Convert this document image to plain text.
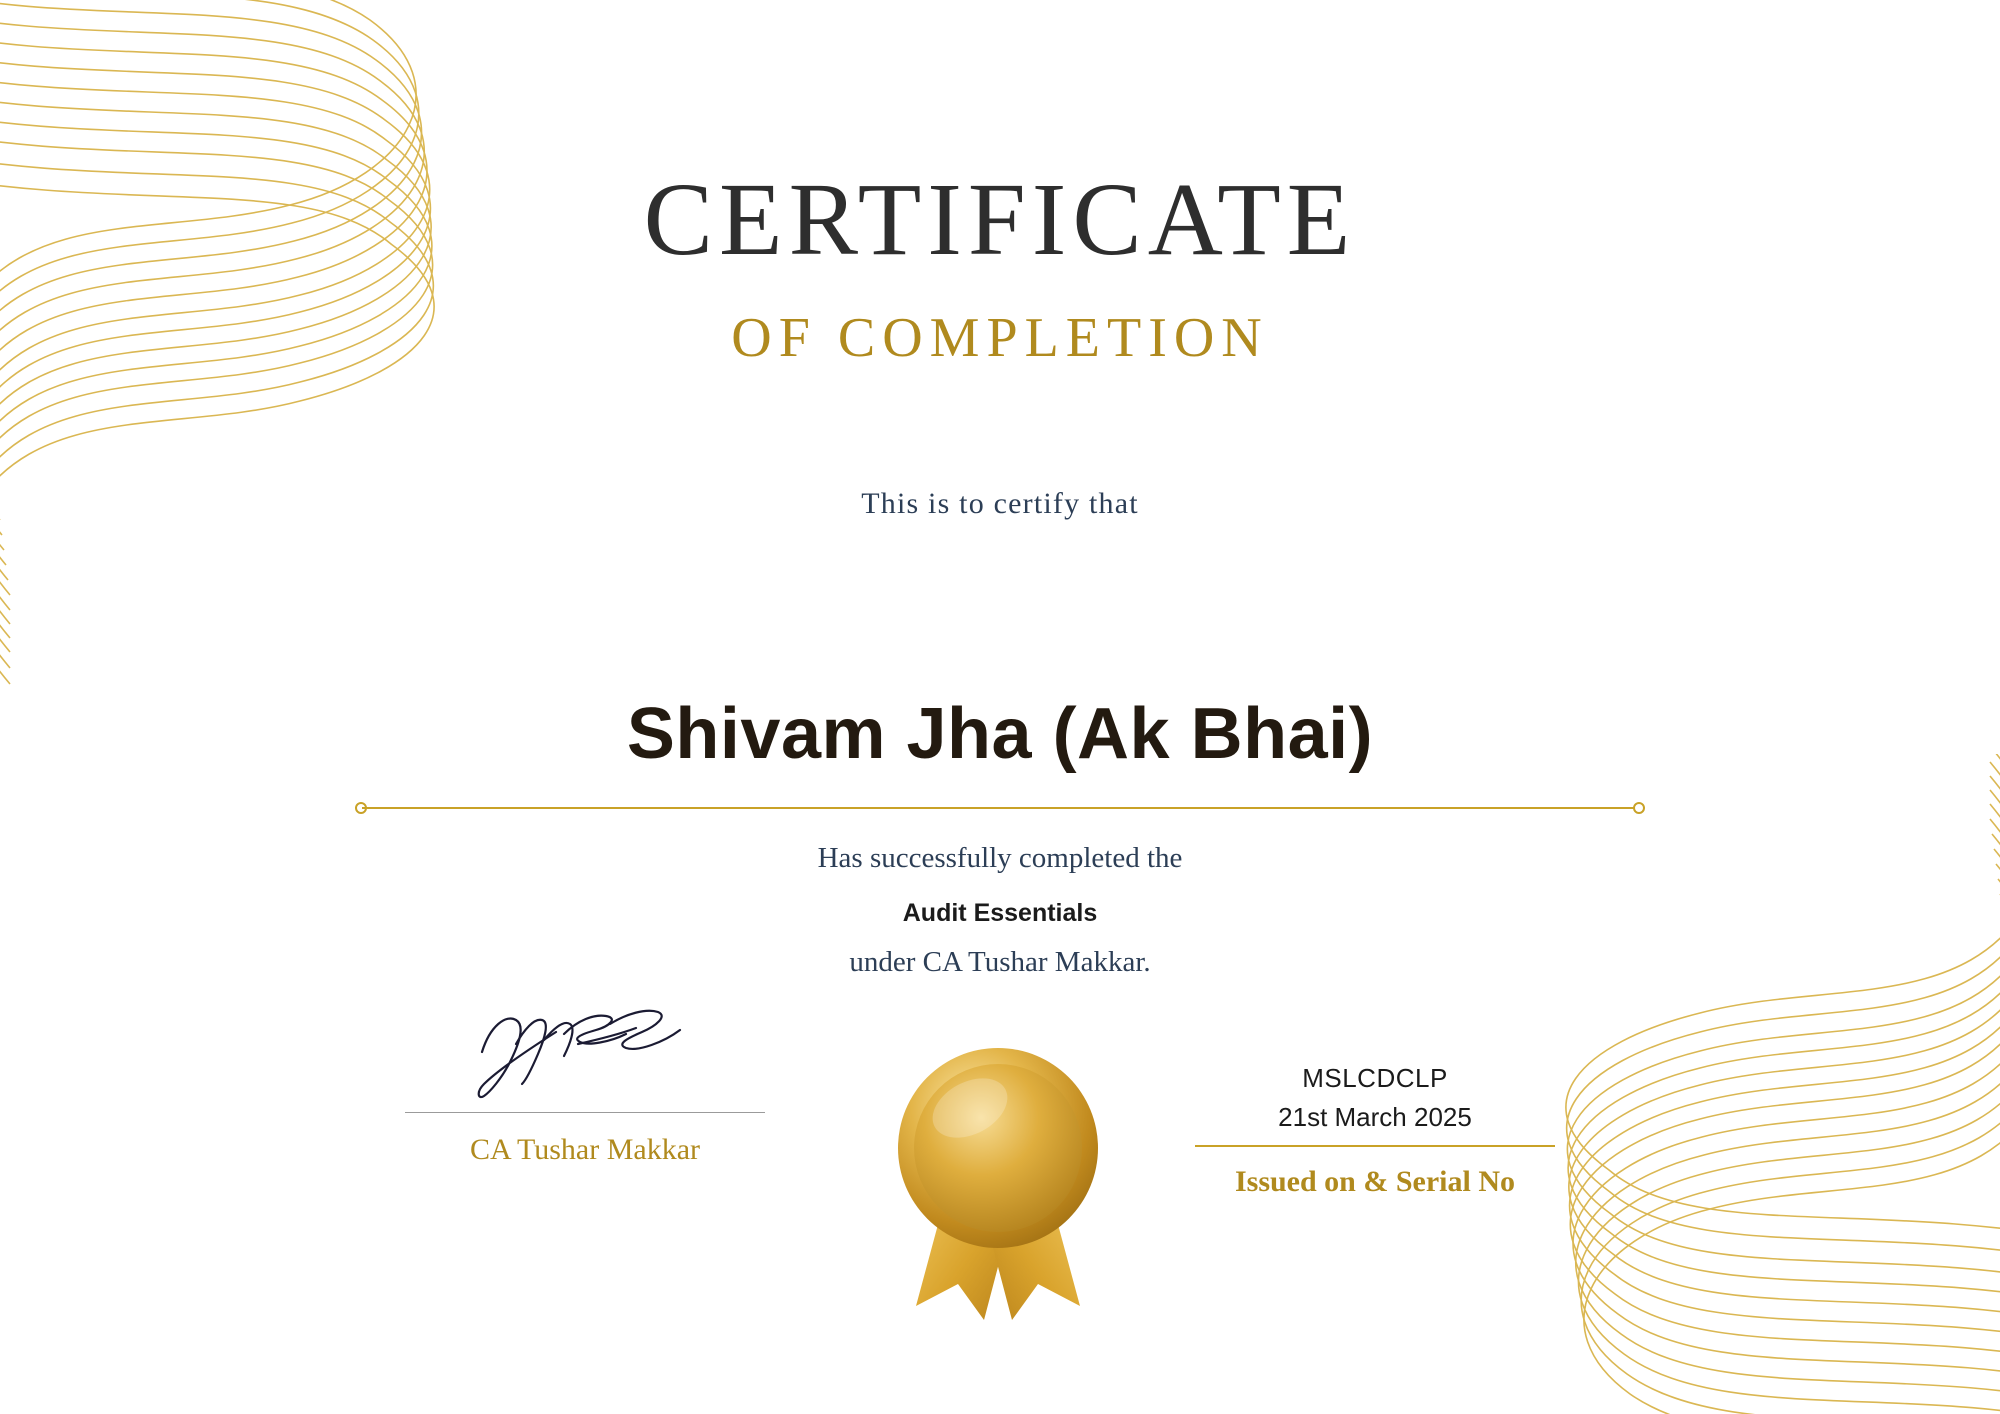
CERTIFICATE
OF COMPLETION
This is to certify that
Shivam Jha (Ak Bhai)
Has successfully completed the
Audit Essentials
under CA Tushar Makkar.
CA Tushar Makkar
MSLCDCLP
21st March 2025
Issued on & Serial No
